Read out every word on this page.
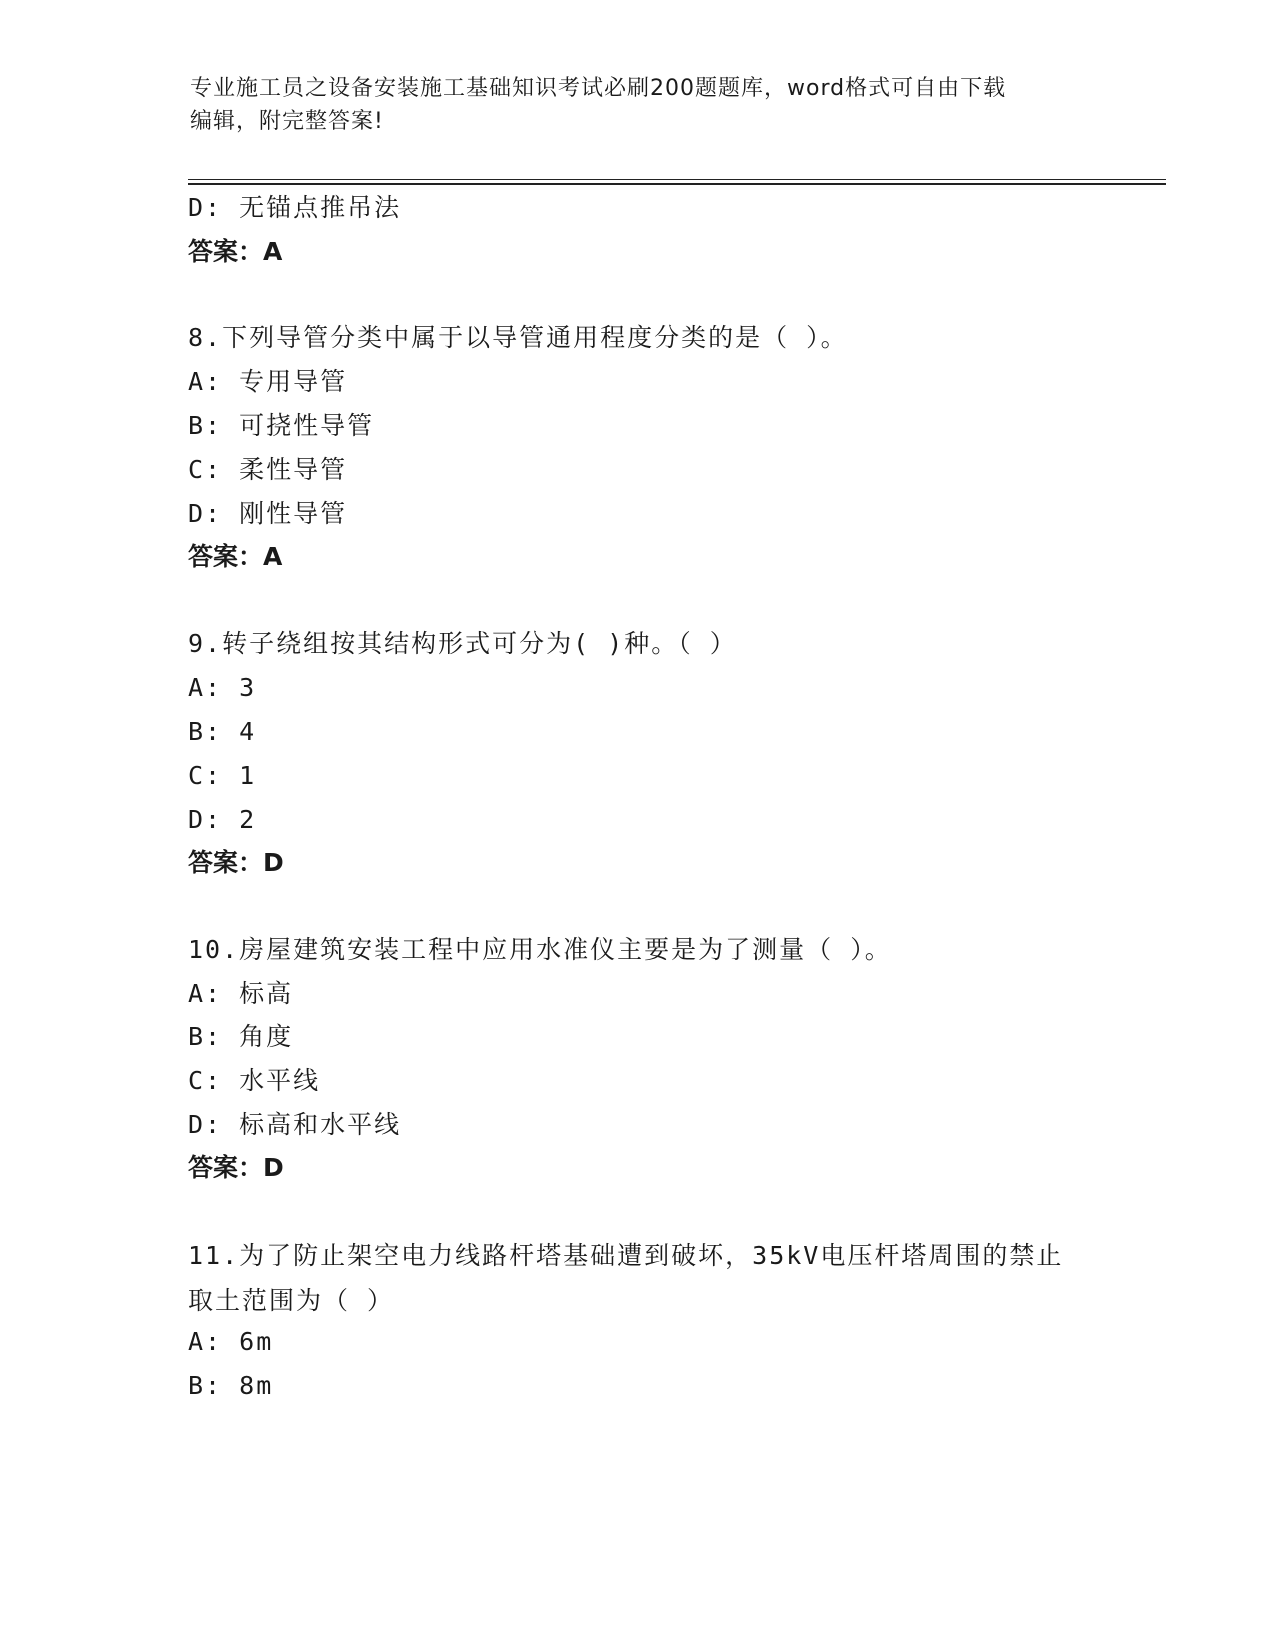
专业施工员之设备安装施工基础知识考试必刷200题题库，word格式可自由下载
编辑，附完整答案!
D: 无锚点推吊法
答案：A
8.下列导管分类中属于以导管通用程度分类的是（ ）。
A: 专用导管
B: 可挠性导管
C: 柔性导管
D: 刚性导管
答案：A
9.转子绕组按其结构形式可分为( )种。（ ）
A: 3
B: 4
C: 1
D: 2
答案：D
10.房屋建筑安装工程中应用水准仪主要是为了测量（ ）。
A: 标高
B: 角度
C: 水平线
D: 标高和水平线
答案：D
11.为了防止架空电力线路杆塔基础遭到破坏，35kV电压杆塔周围的禁止取土范围为（ ）
A: 6m
B: 8m
